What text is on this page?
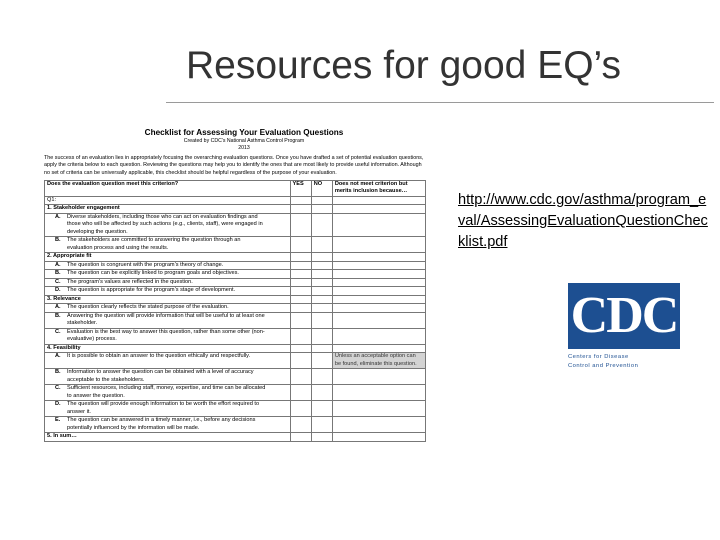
Resources for good EQ’s
Checklist for Assessing Your Evaluation Questions
Created by CDC’s National Asthma Control Program
2013
The success of an evaluation lies in appropriately focusing the overarching evaluation questions. Once you have drafted a set of potential evaluation questions, apply the criteria below to each question. Reviewing the questions may help you to identify the ones that are most likely to provide useful information. Although no set of criteria can be universally applicable, this checklist should be helpful regardless of the purpose of your evaluation.
Does the evaluation question meet this criterion?	YES	NO	Does not meet criterion but merits inclusion because…
Q1:			
1. Stakeholder engagement			
A. Diverse stakeholders, including those who can act on evaluation findings and those who will be affected by such actions (e.g., clients, staff), were engaged in developing the question.			
B. The stakeholders are committed to answering the question through an evaluation process and using the results.			
2. Appropriate fit			
A. The question is congruent with the program’s theory of change.			
B. The question can be explicitly linked to program goals and objectives.			
C. The program’s values are reflected in the question.			
D. The question is appropriate for the program’s stage of development.			
3. Relevance			
A. The question clearly reflects the stated purpose of the evaluation.			
B. Answering the question will provide information that will be useful to at least one stakeholder.			
C. Evaluation is the best way to answer this question, rather than some other (non-evaluative) process.			
4. Feasibility			
A. It is possible to obtain an answer to the question ethically and respectfully.			Unless an acceptable option can be found, eliminate this question.
B. Information to answer the question can be obtained with a level of accuracy acceptable to the stakeholders.			
C. Sufficient resources, including staff, money, expertise, and time can be allocated to answer the question.			
D. The question will provide enough information to be worth the effort required to answer it.			
E. The question can be answered in a timely manner, i.e., before any decisions potentially influenced by the information will be made.			
5. In sum…			
http://www.cdc.gov/asthma/program_eval/AssessingEvaluationQuestionChecklist.pdf
CDC
Centers for Disease
Control and Prevention
